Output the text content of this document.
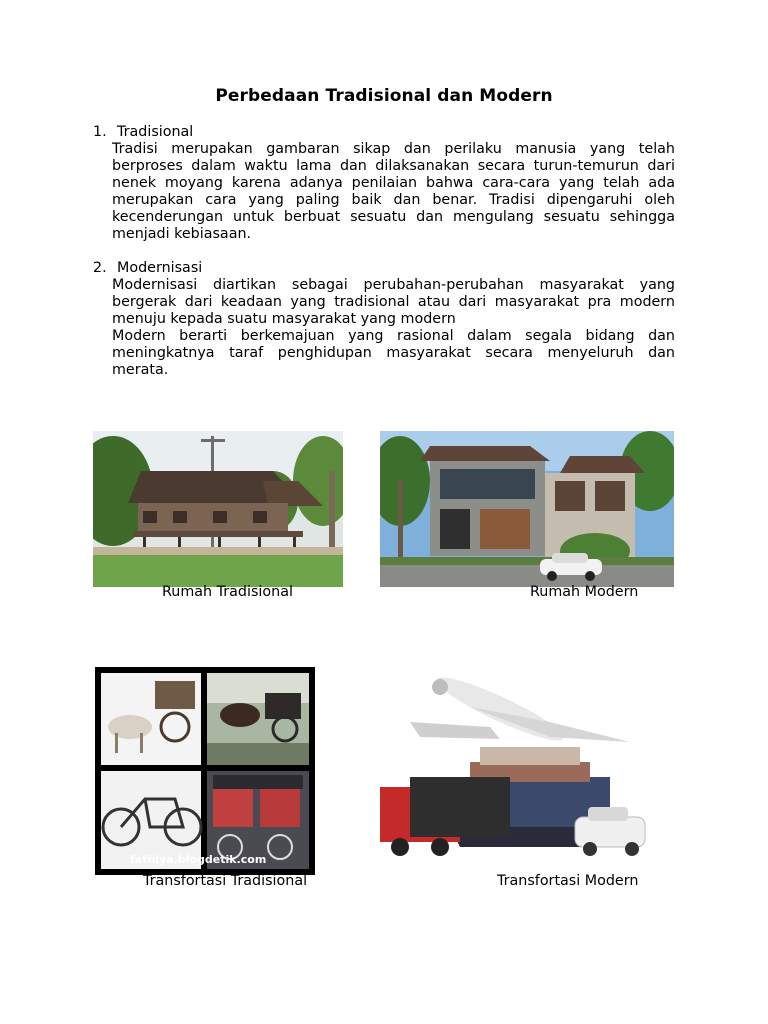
Perbedaan Tradisional dan Modern

1. Tradisional

Tradisi merupakan gambaran sikap dan perilaku manusia yang telah berproses dalam waktu lama dan dilaksanakan secara turun-temurun dari nenek moyang karena adanya penilaian bahwa cara-cara yang telah ada merupakan cara yang paling baik dan benar. Tradisi dipengaruhi oleh kecenderungan untuk berbuat sesuatu dan mengulang sesuatu sehingga menjadi kebiasaan.

2. Modernisasi

Modernisasi diartikan sebagai perubahan-perubahan masyarakat yang bergerak dari keadaan yang tradisional atau dari masyarakat pra modern menuju kepada suatu masyarakat yang modern

Modern berarti berkemajuan yang rasional dalam segala bidang dan meningkatnya taraf penghidupan masyarakat secara menyeluruh dan merata.

Rumah Tradisional	Rumah Modern
fathiya.blogdetik.com
Transfortasi Tradisional	Transfortasi Modern
